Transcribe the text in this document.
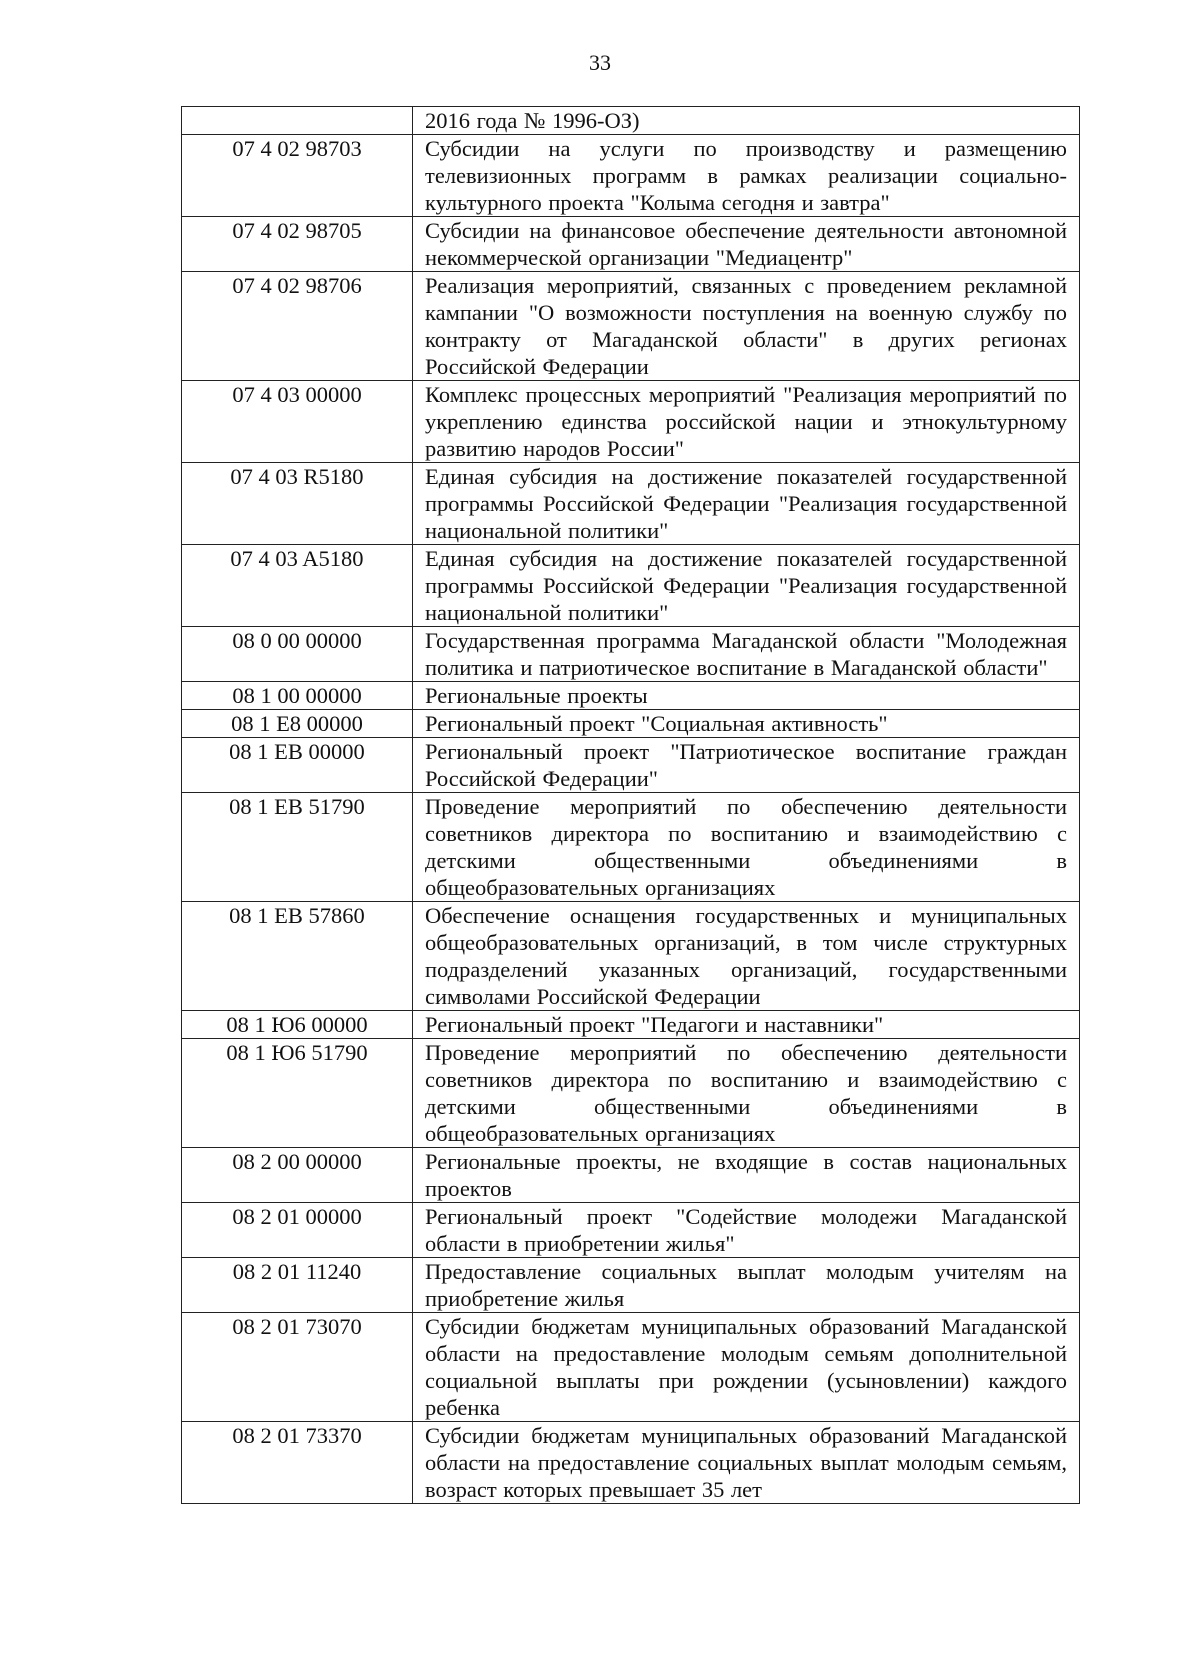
33
	2016 года № 1996-ОЗ)
07 4 02 98703	Субсидии на услуги по производству и размещению телевизионных программ в рамках реализации социально-культурного проекта "Колыма сегодня и завтра"
07 4 02 98705	Субсидии на финансовое обеспечение деятельности автономной некоммерческой организации "Медиацентр"
07 4 02 98706	Реализация мероприятий, связанных с проведением рекламной кампании "О возможности поступления на военную службу по контракту от Магаданской области" в других регионах Российской Федерации
07 4 03 00000	Комплекс процессных мероприятий "Реализация мероприятий по укреплению единства российской нации и этнокультурному развитию народов России"
07 4 03 R5180	Единая субсидия на достижение показателей государственной программы Российской Федерации "Реализация государственной национальной политики"
07 4 03 A5180	Единая субсидия на достижение показателей государственной программы Российской Федерации "Реализация государственной национальной политики"
08 0 00 00000	Государственная программа Магаданской области "Молодежная политика и патриотическое воспитание в Магаданской области"
08 1 00 00000	Региональные проекты
08 1 E8 00000	Региональный проект "Социальная активность"
08 1 EB 00000	Региональный проект "Патриотическое воспитание граждан Российской Федерации"
08 1 EB 51790	Проведение мероприятий по обеспечению деятельности советников директора по воспитанию и взаимодействию с детскими общественными объединениями в общеобразовательных организациях
08 1 EB 57860	Обеспечение оснащения государственных и муниципальных общеобразовательных организаций, в том числе структурных подразделений указанных организаций, государственными символами Российской Федерации
08 1 Ю6 00000	Региональный проект "Педагоги и наставники"
08 1 Ю6 51790	Проведение мероприятий по обеспечению деятельности советников директора по воспитанию и взаимодействию с детскими общественными объединениями в общеобразовательных организациях
08 2 00 00000	Региональные проекты, не входящие в состав национальных проектов
08 2 01 00000	Региональный проект "Содействие молодежи Магаданской области в приобретении жилья"
08 2 01 11240	Предоставление социальных выплат молодым учителям на приобретение жилья
08 2 01 73070	Субсидии бюджетам муниципальных образований Магаданской области на предоставление молодым семьям дополнительной социальной выплаты при рождении (усыновлении) каждого ребенка
08 2 01 73370	Субсидии бюджетам муниципальных образований Магаданской области на предоставление социальных выплат молодым семьям, возраст которых превышает 35 лет
